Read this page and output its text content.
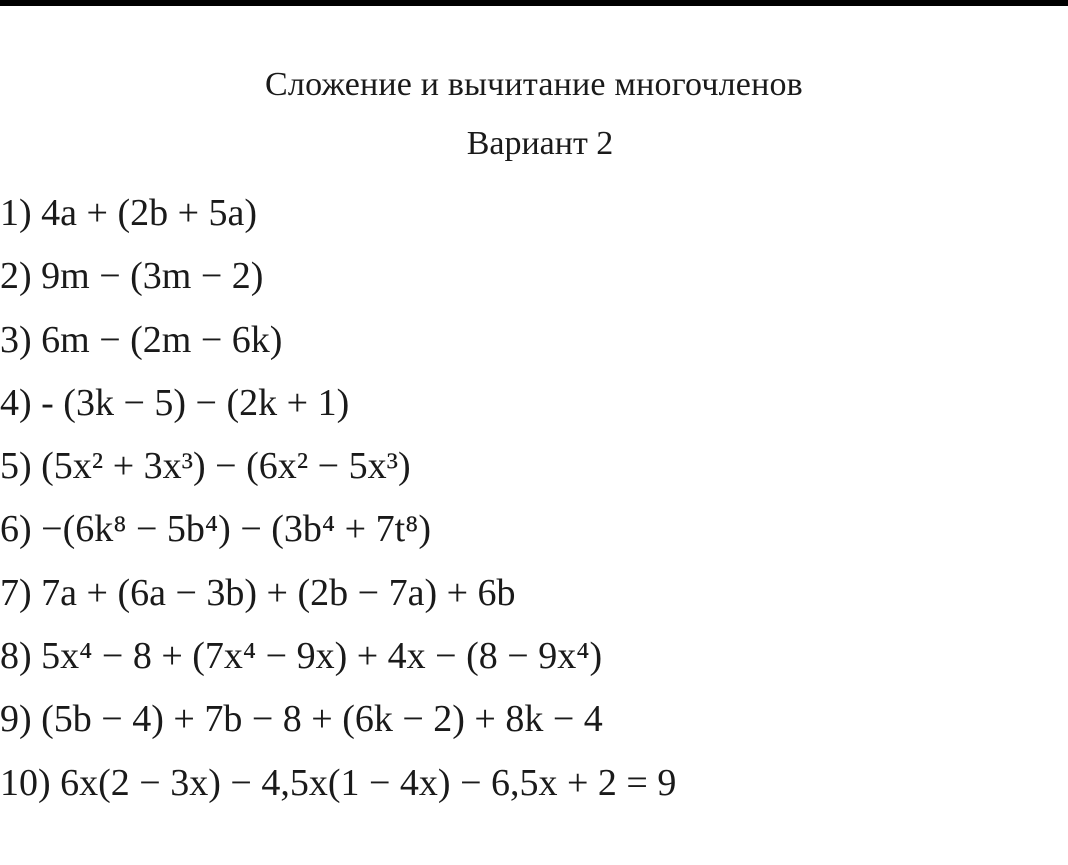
Сложение и вычитание многочленов
Вариант 2
1) 4a + (2b + 5a)
2) 9m − (3m − 2)
3) 6m − (2m − 6k)
4) - (3k − 5) − (2k + 1)
5) (5x² + 3x³) − (6x² − 5x³)
6) −(6k⁸ − 5b⁴) − (3b⁴ + 7t⁸)
7) 7a + (6a − 3b) + (2b − 7a) + 6b
8) 5x⁴ − 8 + (7x⁴ − 9x) + 4x − (8 − 9x⁴)
9) (5b − 4) + 7b − 8 + (6k − 2) + 8k − 4
10) 6x(2 − 3x) − 4,5x(1 − 4x) − 6,5x + 2 = 9
